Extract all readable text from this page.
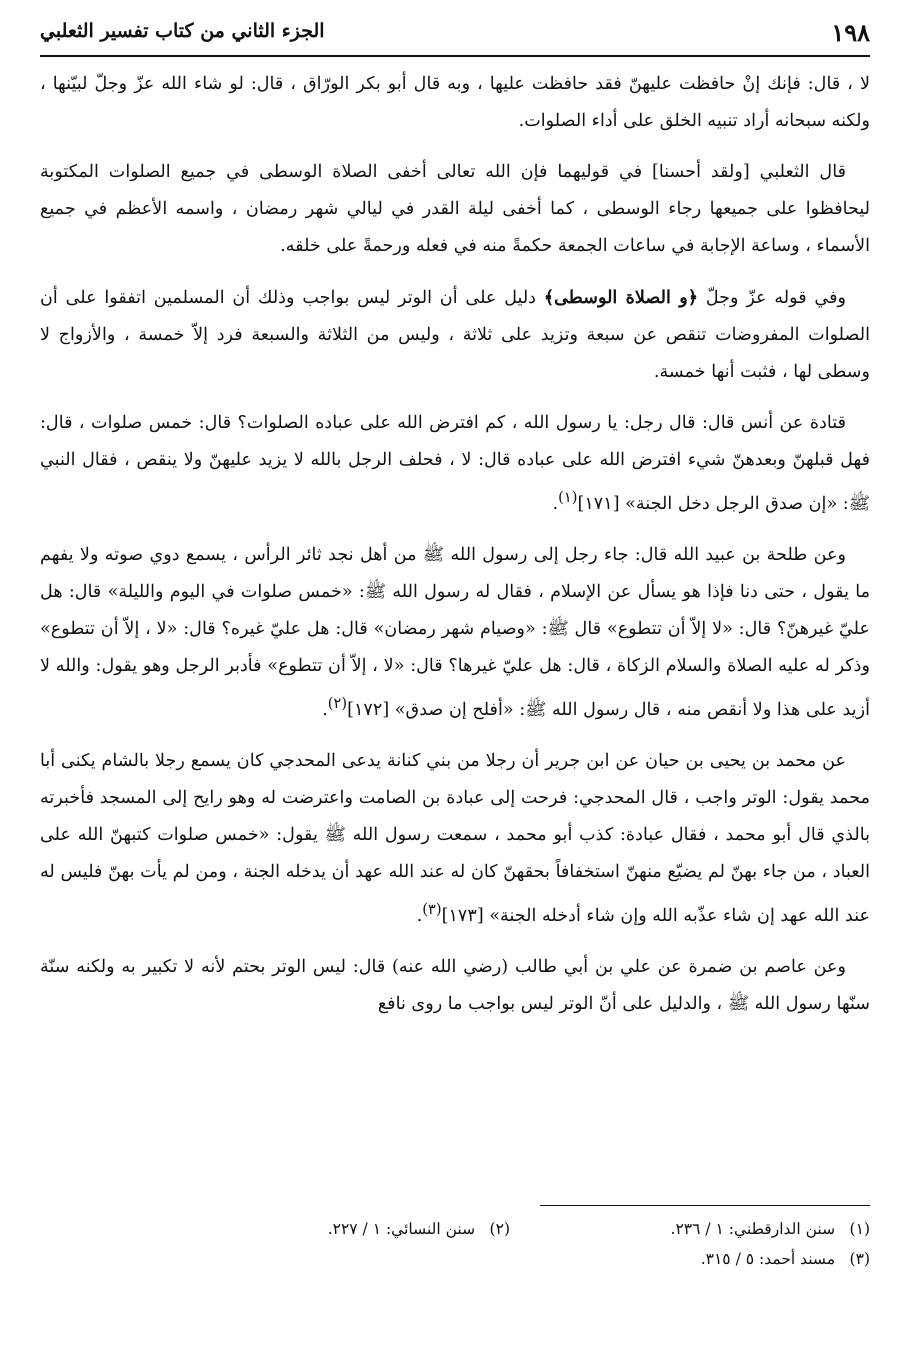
١٩٨
الجزء الثاني من كتاب تفسير الثعلبي

لا ، قال: فإنك إنْ حافظت عليهنّ فقد حافظت عليها ، وبه قال أبو بكر الورّاق ، قال: لو شاء الله عزّ وجلّ لبيّنها ، ولكنه سبحانه أراد تنبيه الخلق على أداء الصلوات.

قال الثعلبي [ولقد أحسنا] في قوليهما فإن الله تعالى أخفى الصلاة الوسطى في جميع الصلوات المكتوبة ليحافظوا على جميعها رجاء الوسطى ، كما أخفى ليلة القدر في ليالي شهر رمضان ، واسمه الأعظم في جميع الأسماء ، وساعة الإجابة في ساعات الجمعة حكمةً منه في فعله ورحمةً على خلقه.

وفي قوله عزّ وجلّ ﴿و الصلاة الوسطى﴾ دليل على أن الوتر ليس بواجب وذلك أن المسلمين اتفقوا على أن الصلوات المفروضات تنقص عن سبعة وتزيد على ثلاثة ، وليس من الثلاثة والسبعة فرد إلاّ خمسة ، والأزواج لا وسطى لها ، فثبت أنها خمسة.

قتادة عن أنس قال: قال رجل: يا رسول الله ، كم افترض الله على عباده الصلوات؟ قال: خمس صلوات ، قال: فهل قبلهنّ وبعدهنّ شيء افترض الله على عباده قال: لا ، فحلف الرجل بالله لا يزيد عليهنّ ولا ينقص ، فقال النبي ﷺ: «إن صدق الرجل دخل الجنة» [١٧١]$^{(١)}$.

وعن طلحة بن عبيد الله قال: جاء رجل إلى رسول الله ﷺ من أهل نجد ثائر الرأس ، يسمع دوي صوته ولا يفهم ما يقول ، حتى دنا فإذا هو يسأل عن الإسلام ، فقال له رسول الله ﷺ: «خمس صلوات في اليوم والليلة» قال: هل عليّ غيرهنّ؟ قال: «لا إلاّ أن تتطوع» قال ﷺ: «وصيام شهر رمضان» قال: هل عليّ غيره؟ قال: «لا ، إلاّ أن تتطوع» وذكر له عليه الصلاة والسلام الزكاة ، قال: هل عليّ غيرها؟ قال: «لا ، إلاّ أن تتطوع» فأدبر الرجل وهو يقول: والله لا أزيد على هذا ولا أنقص منه ، قال رسول الله ﷺ: «أفلح إن صدق» [١٧٢]$^{(٢)}$.

عن محمد بن يحيى بن حيان عن ابن جرير أن رجلا من بني كنانة يدعى المحدجي كان يسمع رجلا بالشام يكنى أبا محمد يقول: الوتر واجب ، قال المحدجي: فرحت إلى عبادة بن الصامت واعترضت له وهو رايح إلى المسجد فأخبرته بالذي قال أبو محمد ، فقال عبادة: كذب أبو محمد ، سمعت رسول الله ﷺ يقول: «خمس صلوات كتبهنّ الله على العباد ، من جاء بهنّ لم يضيّع منهنّ استخفافاً بحقهنّ كان له عند الله عهد أن يدخله الجنة ، ومن لم يأت بهنّ فليس له عند الله عهد إن شاء عذّبه الله وإن شاء أدخله الجنة» [١٧٣]$^{(٣)}$.

وعن عاصم بن ضمرة عن علي بن أبي طالب (رضي الله عنه) قال: ليس الوتر بحتم لأنه لا تكبير به ولكنه سنّة سنّها رسول الله ﷺ ، والدليل على أنّ الوتر ليس بواجب ما روى نافع

(١) سنن الدارقطني: ١ / ٢٣٦.
(٢) سنن النسائي: ١ / ٢٢٧.
(٣) مسند أحمد: ٥ / ٣١٥.
